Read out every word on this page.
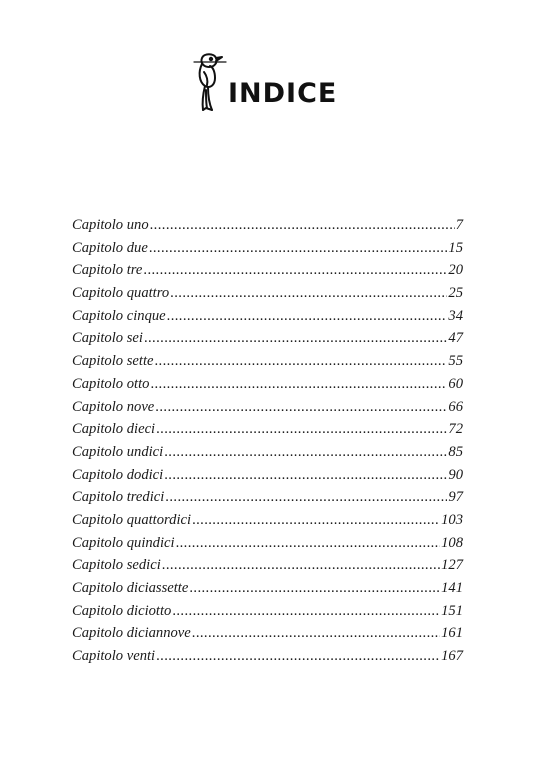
INDICE
Capitolo uno .....	7
Capitolo due .....	15
Capitolo tre .....	20
Capitolo quattro .....	25
Capitolo cinque .....	34
Capitolo sei .....	47
Capitolo sette .....	55
Capitolo otto .....	60
Capitolo nove .....	66
Capitolo dieci .....	72
Capitolo undici .....	85
Capitolo dodici .....	90
Capitolo tredici .....	97
Capitolo quattordici .....	103
Capitolo quindici .....	108
Capitolo sedici .....	127
Capitolo diciassette .....	141
Capitolo diciotto .....	151
Capitolo diciannove .....	161
Capitolo venti .....	167
